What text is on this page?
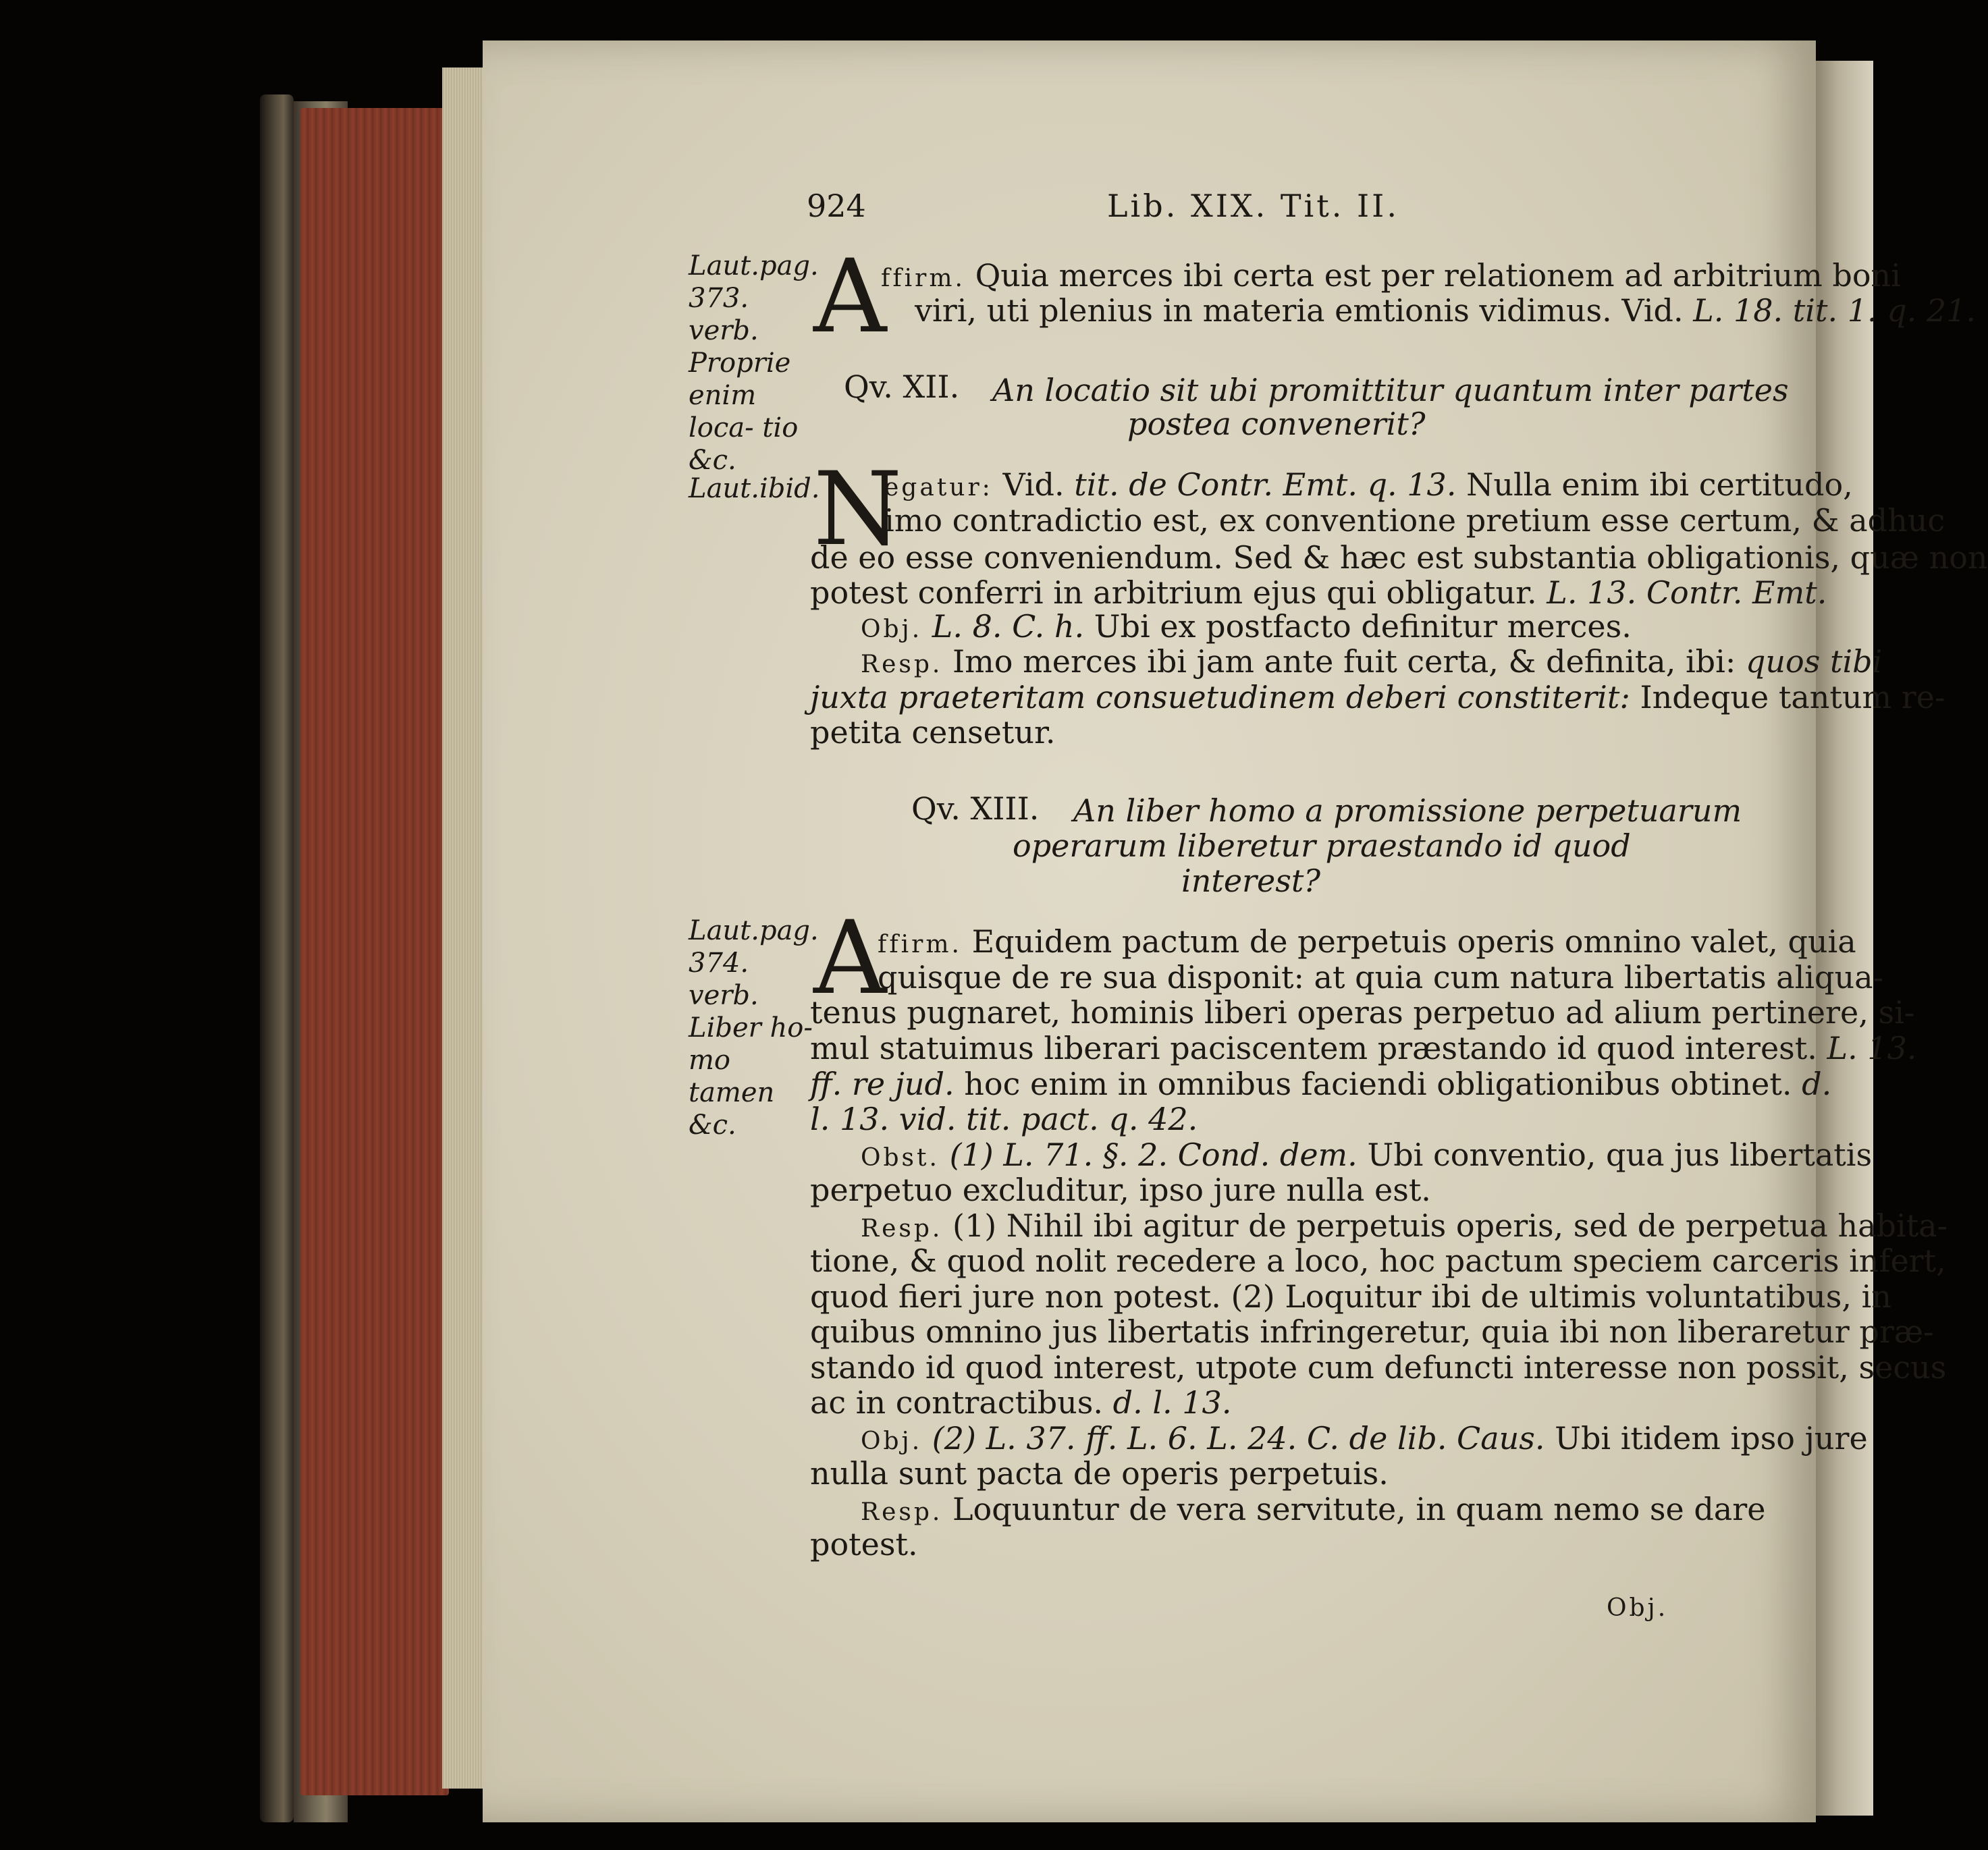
924	Lib. XIX. Tit. II.
Laut.pag. 373. verb. Proprie enim loca- tio &c.
Laut.ibid.
Laut.pag. 374. verb. Liber ho- mo tamen &c.
A
ffirm. Quia merces ibi certa est per relationem ad arbitrium boni
viri, uti plenius in materia emtionis vidimus. Vid. L. 18. tit. 1. q. 21.
Qv. XII. An locatio sit ubi promittitur quantum inter partes
postea convenerit?
N
egatur: Vid. tit. de Contr. Emt. q. 13. Nulla enim ibi certitudo,
imo contradictio est, ex conventione pretium esse certum, & adhuc
de eo esse conveniendum. Sed & hæc est substantia obligationis, quæ non
potest conferri in arbitrium ejus qui obligatur. L. 13. Contr. Emt.
Obj. L. 8. C. h. Ubi ex postfacto definitur merces.
Resp. Imo merces ibi jam ante fuit certa, & definita, ibi: quos tibi
juxta praeteritam consuetudinem deberi constiterit: Indeque tantum re-
petita censetur.
Qv. XIII. An liber homo a promissione perpetuarum
operarum liberetur praestando id quod
interest?
A
ffirm. Equidem pactum de perpetuis operis omnino valet, quia
quisque de re sua disponit: at quia cum natura libertatis aliqua-
tenus pugnaret, hominis liberi operas perpetuo ad alium pertinere, si-
mul statuimus liberari paciscentem præstando id quod interest. L. 13.
ff. re jud. hoc enim in omnibus faciendi obligationibus obtinet. d.
l. 13. vid. tit. pact. q. 42.
Obst. (1) L. 71. §. 2. Cond. dem. Ubi conventio, qua jus libertatis
perpetuo excluditur, ipso jure nulla est.
Resp. (1) Nihil ibi agitur de perpetuis operis, sed de perpetua habita-
tione, & quod nolit recedere a loco, hoc pactum speciem carceris infert,
quod fieri jure non potest. (2) Loquitur ibi de ultimis voluntatibus, in
quibus omnino jus libertatis infringeretur, quia ibi non liberaretur præ-
stando id quod interest, utpote cum defuncti interesse non possit, secus
ac in contractibus. d. l. 13.
Obj. (2) L. 37. ff. L. 6. L. 24. C. de lib. Caus. Ubi itidem ipso jure
nulla sunt pacta de operis perpetuis.
Resp. Loquuntur de vera servitute, in quam nemo se dare
potest.
Obj.
